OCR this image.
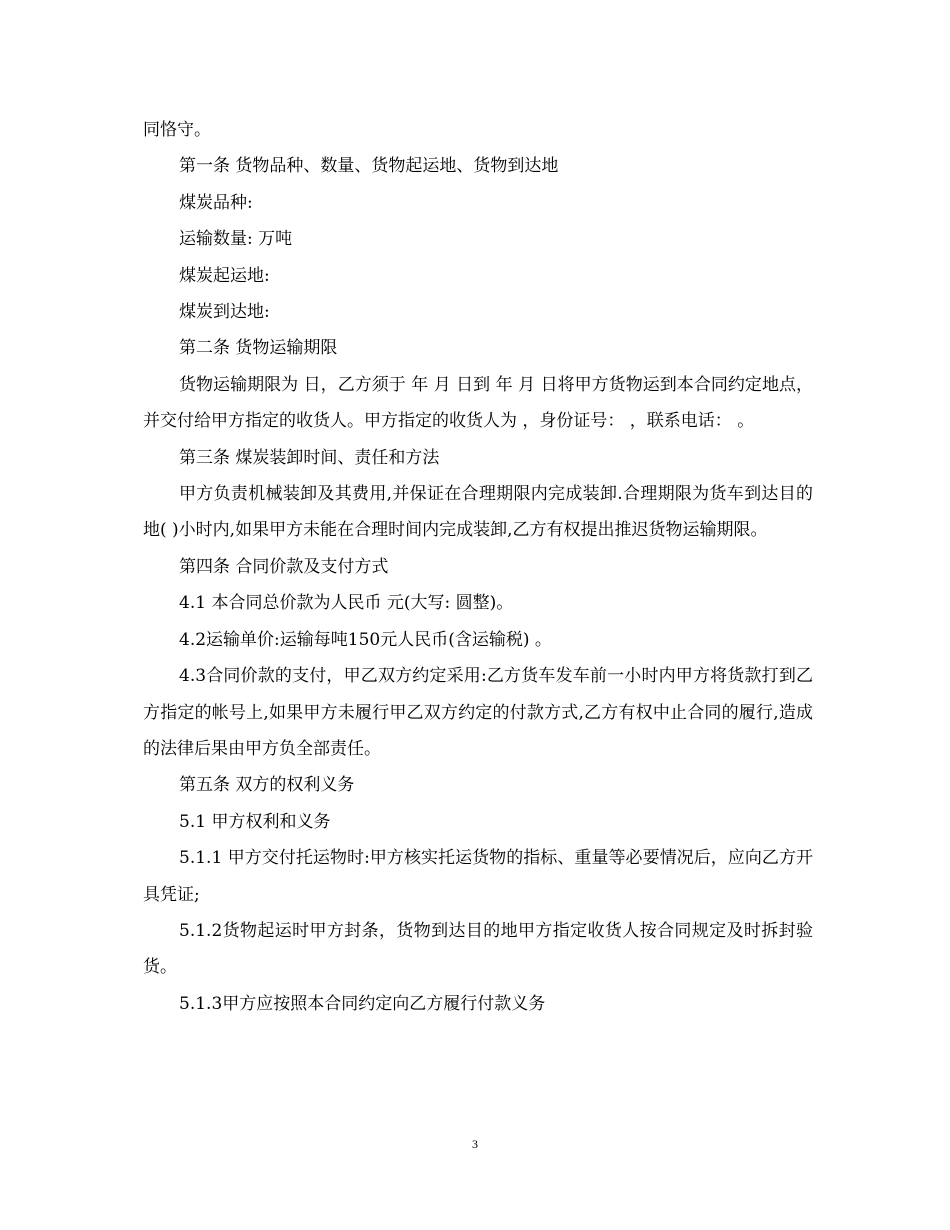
同恪守。

第一条 货物品种、数量、货物起运地、货物到达地

煤炭品种:

运输数量: 万吨

煤炭起运地:

煤炭到达地:

第二条 货物运输期限

货物运输期限为 日，乙方须于 年 月 日到 年 月 日将甲方货物运到本合同约定地点，并交付给甲方指定的收货人。甲方指定的收货人为 ，身份证号： ，联系电话： 。

第三条 煤炭装卸时间、责任和方法

甲方负责机械装卸及其费用,并保证在合理期限内完成装卸.合理期限为货车到达目的地( )小时内,如果甲方未能在合理时间内完成装卸,乙方有权提出推迟货物运输期限。

第四条 合同价款及支付方式

4.1 本合同总价款为人民币 元(大写: 圆整)。

4.2运输单价:运输每吨150元人民币(含运输税) 。

4.3合同价款的支付，甲乙双方约定采用:乙方货车发车前一小时内甲方将货款打到乙方指定的帐号上,如果甲方未履行甲乙双方约定的付款方式,乙方有权中止合同的履行,造成的法律后果由甲方负全部责任。

第五条 双方的权利义务

5.1 甲方权利和义务

5.1.1 甲方交付托运物时:甲方核实托运货物的指标、重量等必要情况后，应向乙方开具凭证;

5.1.2货物起运时甲方封条，货物到达目的地甲方指定收货人按合同规定及时拆封验货。

5.1.3甲方应按照本合同约定向乙方履行付款义务

3
